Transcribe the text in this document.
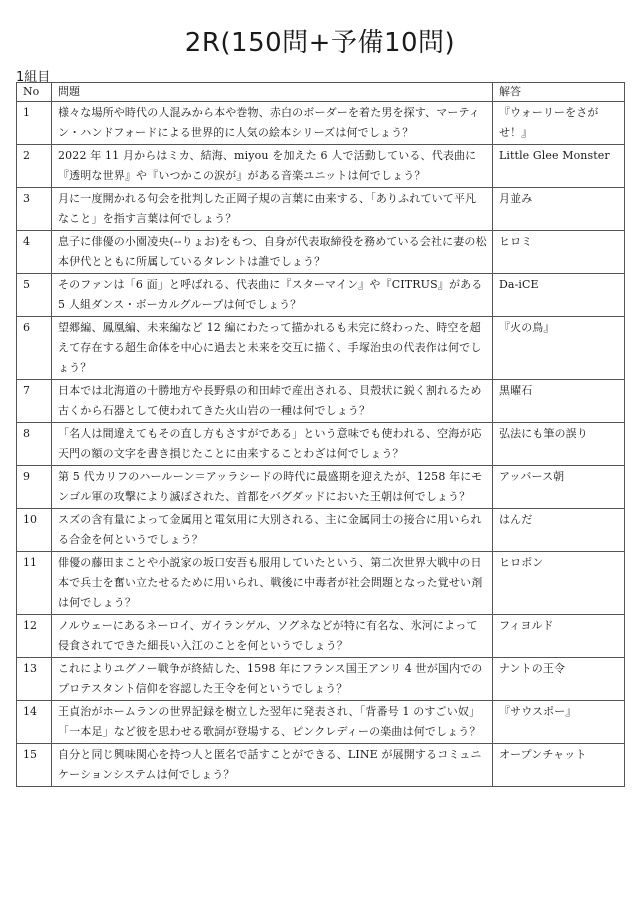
2R(150問+予備10問)
1組目
No	問題	解答
1	様々な場所や時代の人混みから本や巻物、赤白のボーダーを着た男を探す、マーティン・ハンドフォードによる世界的に人気の絵本シリーズは何でしょう？	『ウォーリーをさがせ！』
2	2022 年 11 月からはミカ、結海、miyou を加えた 6 人で活動している、代表曲に『透明な世界』や『いつかこの涙が』がある音楽ユニットは何でしょう？	Little Glee Monster
3	月に一度開かれる句会を批判した正岡子規の言葉に由来する、「ありふれていて平凡なこと」を指す言葉は何でしょう？	月並み
4	息子に俳優の小園凌央(--りょお)をもつ、自身が代表取締役を務めている会社に妻の松本伊代とともに所属しているタレントは誰でしょう？	ヒロミ
5	そのファンは「6 面」と呼ばれる、代表曲に『スターマイン』や『CITRUS』がある 5 人組ダンス・ボーカルグループは何でしょう？	Da-iCE
6	望郷編、鳳凰編、未来編など 12 編にわたって描かれるも未完に終わった、時空を超えて存在する超生命体を中心に過去と未来を交互に描く、手塚治虫の代表作は何でしょう？	『火の鳥』
7	日本では北海道の十勝地方や長野県の和田峠で産出される、貝殻状に鋭く割れるため古くから石器として使われてきた火山岩の一種は何でしょう？	黒曜石
8	「名人は間違えてもその直し方もさすがである」という意味でも使われる、空海が応天門の額の文字を書き損じたことに由来することわざは何でしょう？	弘法にも筆の誤り
9	第 5 代カリフのハールーン＝アッラシードの時代に最盛期を迎えたが、1258 年にモンゴル軍の攻撃により滅ぼされた、首都をバグダッドにおいた王朝は何でしょう？	アッバース朝
10	スズの含有量によって金属用と電気用に大別される、主に金属同士の接合に用いられる合金を何というでしょう？	はんだ
11	俳優の藤田まことや小説家の坂口安吾も服用していたという、第二次世界大戦中の日本で兵士を奮い立たせるために用いられ、戦後に中毒者が社会問題となった覚せい剤は何でしょう？	ヒロポン
12	ノルウェーにあるネーロイ、ガイランゲル、ソグネなどが特に有名な、氷河によって侵食されてできた細長い入江のことを何というでしょう？	フィヨルド
13	これによりユグノー戦争が終結した、1598 年にフランス国王アンリ 4 世が国内でのプロテスタント信仰を容認した王令を何というでしょう？	ナントの王令
14	王貞治がホームランの世界記録を樹立した翌年に発表され、「背番号 1 のすごい奴」「一本足」など彼を思わせる歌詞が登場する、ピンクレディーの楽曲は何でしょう？	『サウスポー』
15	自分と同じ興味関心を持つ人と匿名で話すことができる、LINE が展開するコミュニケーションシステムは何でしょう？	オープンチャット
